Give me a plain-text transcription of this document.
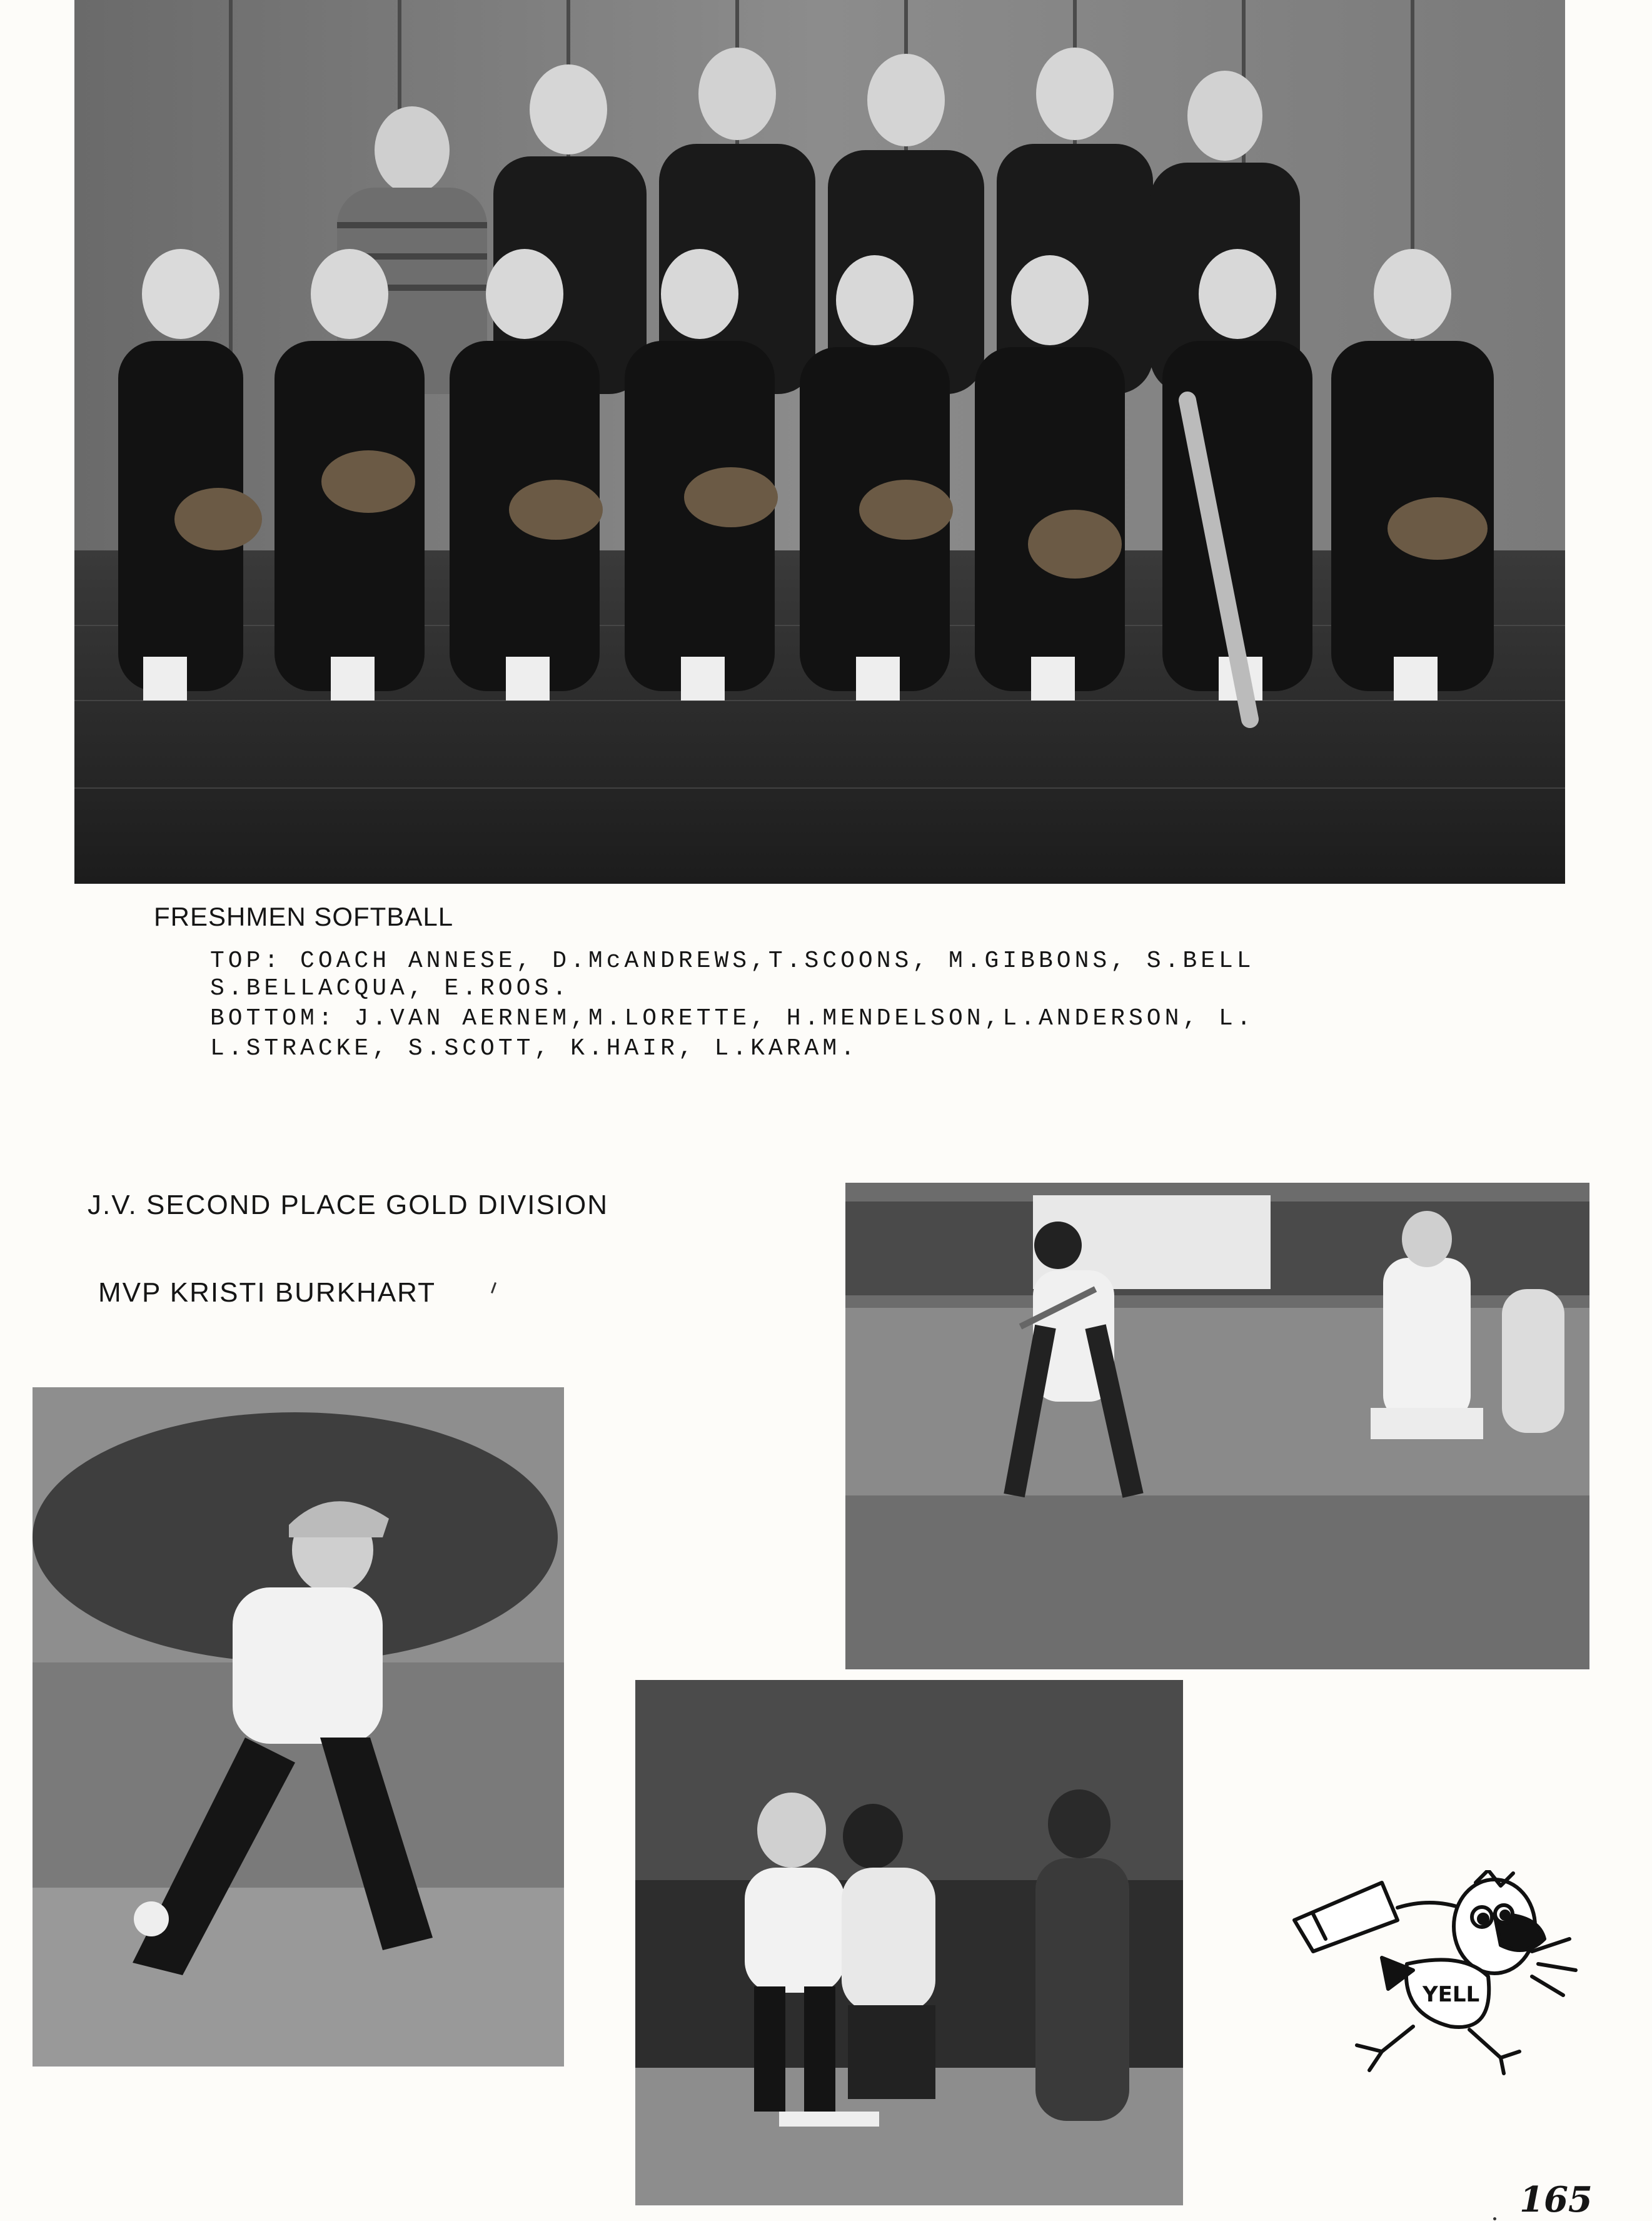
FRESHMEN SOFTBALL
TOP: COACH ANNESE, D.McANDREWS,T.SCOONS, M.GIBBONS, S.BELL
S.BELLACQUA, E.ROOS.
BOTTOM: J.VAN AERNEM,M.LORETTE, H.MENDELSON,L.ANDERSON, L.
L.STRACKE, S.SCOTT, K.HAIR, L.KARAM.
J.V. SECOND PLACE GOLD DIVISION
MVP KRISTI BURKHART
YELL
165
